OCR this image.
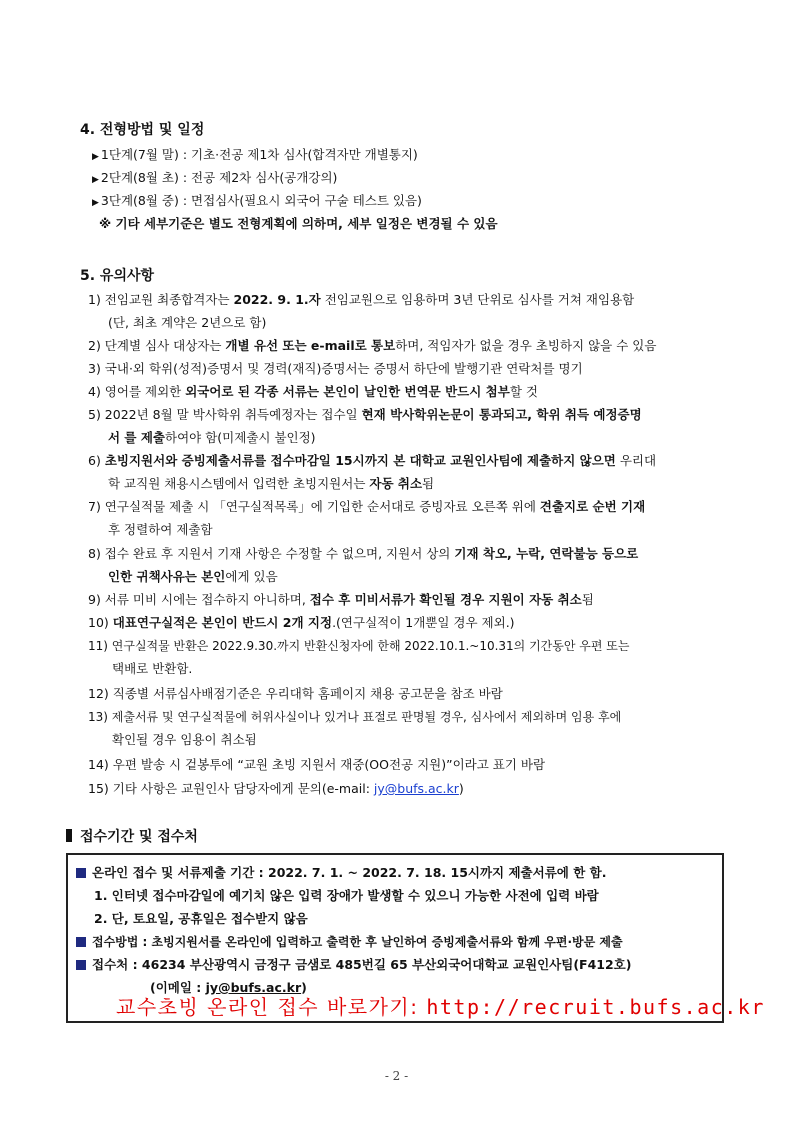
4. 전형방법 및 일정
▶ 1단계(7월 말) : 기초·전공 제1차 심사(합격자만 개별통지)
▶ 2단계(8월 초) : 전공 제2차 심사(공개강의)
▶ 3단계(8월 중) : 면접심사(필요시 외국어 구술 테스트 있음)
※ 기타 세부기준은 별도 전형계획에 의하며, 세부 일정은 변경될 수 있음
5. 유의사항
1) 전임교원 최종합격자는 2022. 9. 1.자 전임교원으로 임용하며 3년 단위로 심사를 거쳐 재임용함
(단, 최초 계약은 2년으로 함)
2) 단계별 심사 대상자는 개별 유선 또는 e-mail로 통보하며, 적임자가 없을 경우 초빙하지 않을 수 있음
3) 국내·외 학위(성적)증명서 및 경력(재직)증명서는 증명서 하단에 발행기관 연락처를 명기
4) 영어를 제외한 외국어로 된 각종 서류는 본인이 날인한 번역문 반드시 첨부할 것
5) 2022년 8월 말 박사학위 취득예정자는 접수일 현재 박사학위논문이 통과되고, 학위 취득 예정증명
서 를 제출하여야 함(미제출시 불인정)
6) 초빙지원서와 증빙제출서류를 접수마감일 15시까지 본 대학교 교원인사팀에 제출하지 않으면 우리대
학 교직원 채용시스템에서 입력한 초빙지원서는 자동 취소됨
7) 연구실적물 제출 시 「연구실적목록」에 기입한 순서대로 증빙자료 오른쪽 위에 견출지로 순번 기재
후 정렬하여 제출함
8) 접수 완료 후 지원서 기재 사항은 수정할 수 없으며, 지원서 상의 기재 착오, 누락, 연락불능 등으로
인한 귀책사유는 본인에게 있음
9) 서류 미비 시에는 접수하지 아니하며, 접수 후 미비서류가 확인될 경우 지원이 자동 취소됨
10) 대표연구실적은 본인이 반드시 2개 지정.(연구실적이 1개뿐일 경우 제외.)
11) 연구실적물 반환은 2022.9.30.까지 반환신청자에 한해 2022.10.1.~10.31의 기간동안 우편 또는
택배로 반환함.
12) 직종별 서류심사배점기준은 우리대학 홈페이지 채용 공고문을 참조 바람
13) 제출서류 및 연구실적물에 허위사실이나 있거나 표절로 판명될 경우, 심사에서 제외하며 임용 후에
확인될 경우 임용이 취소됨
14) 우편 발송 시 겉봉투에 “교원 초빙 지원서 재중(OO전공 지원)”이라고 표기 바람
15) 기타 사항은 교원인사 담당자에게 문의(e-mail: jy@bufs.ac.kr)
접수기간 및 접수처
온라인 접수 및 서류제출 기간 : 2022. 7. 1. ~ 2022. 7. 18. 15시까지 제출서류에 한 함.
1. 인터넷 접수마감일에 예기치 않은 입력 장애가 발생할 수 있으니 가능한 사전에 입력 바람
2. 단, 토요일, 공휴일은 접수받지 않음
접수방법 : 초빙지원서를 온라인에 입력하고 출력한 후 날인하여 증빙제출서류와 함께 우편·방문 제출
접수처 : 46234 부산광역시 금정구 금샘로 485번길 65 부산외국어대학교 교원인사팀(F412호)
(이메일 : jy@bufs.ac.kr)
교수초빙 온라인 접수 바로가기: http://recruit.bufs.ac.kr
- 2 -
